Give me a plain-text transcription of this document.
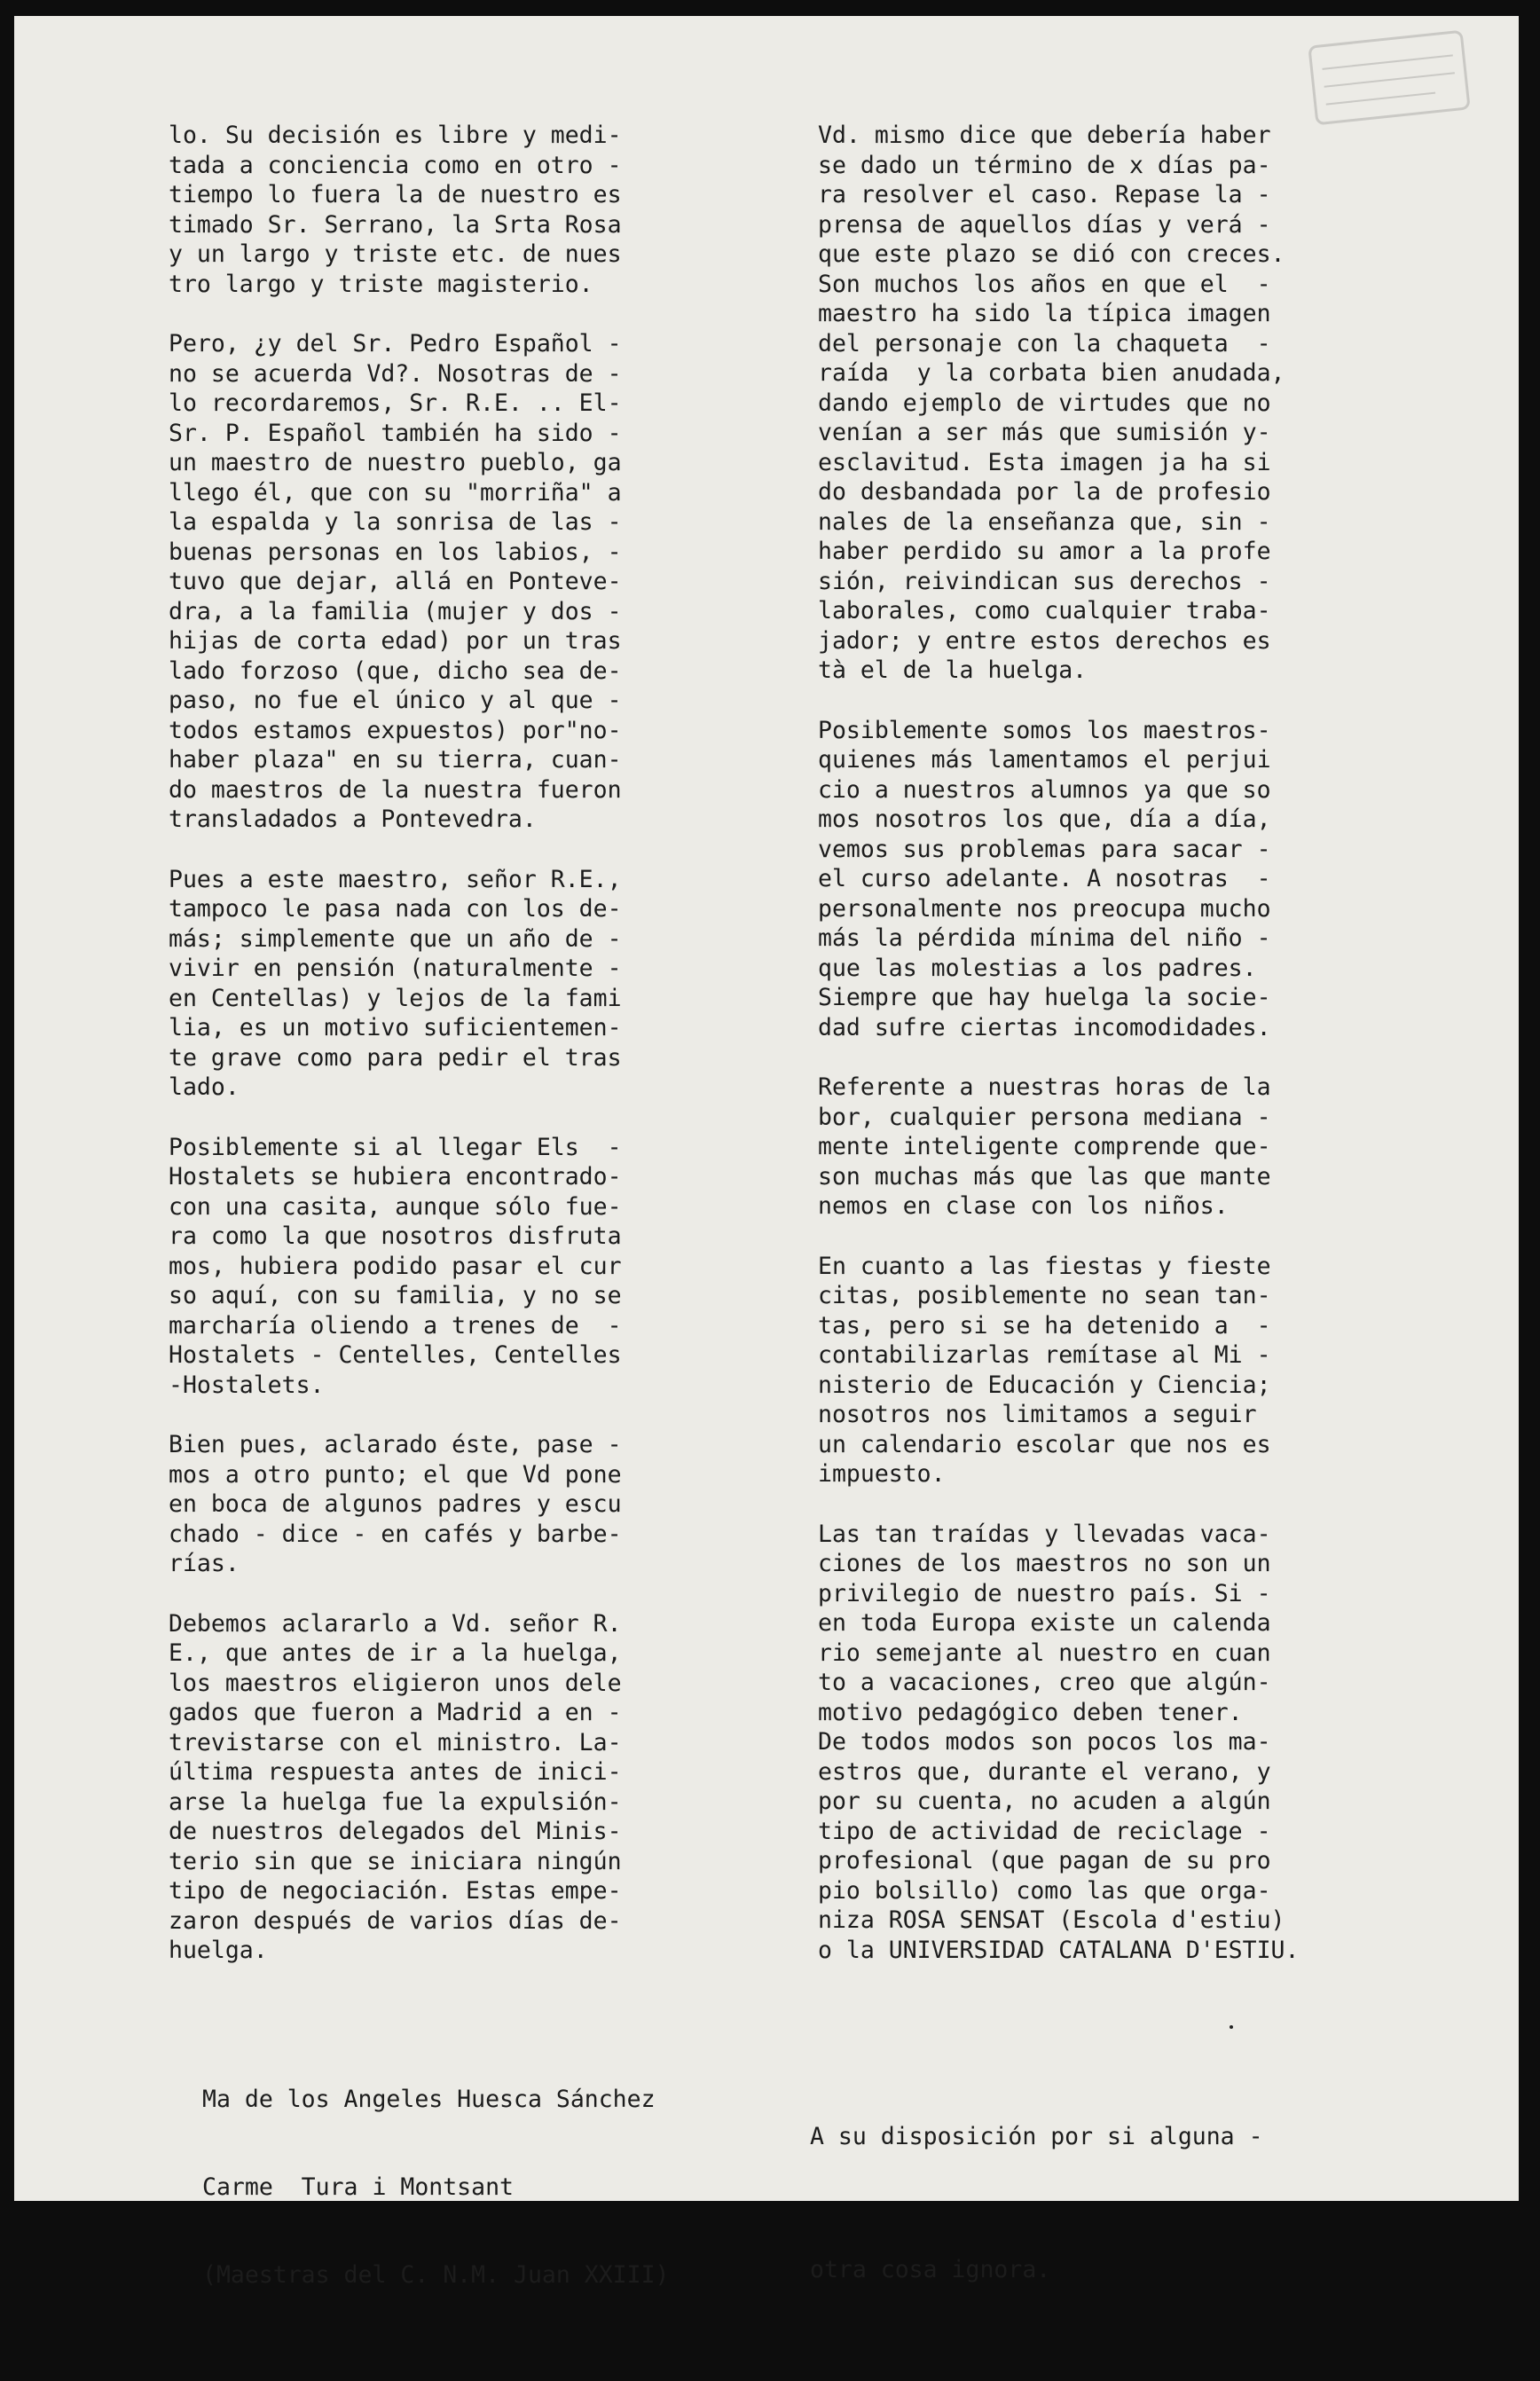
lo. Su decisión es libre y medi-
tada a conciencia como en otro -
tiempo lo fuera la de nuestro es
timado Sr. Serrano, la Srta Rosa
y un largo y triste etc. de nues
tro largo y triste magisterio.
Pero, ¿y del Sr. Pedro Español -
no se acuerda Vd?. Nosotras de -
lo recordaremos, Sr. R.E. .. El-
Sr. P. Español también ha sido -
un maestro de nuestro pueblo, ga
llego él, que con su "morriña" a
la espalda y la sonrisa de las -
buenas personas en los labios, -
tuvo que dejar, allá en Ponteve-
dra, a la familia (mujer y dos -
hijas de corta edad) por un tras
lado forzoso (que, dicho sea de-
paso, no fue el único y al que -
todos estamos expuestos) por"no-
haber plaza" en su tierra, cuan-
do maestros de la nuestra fueron
transladados a Pontevedra.
Pues a este maestro, señor R.E.,
tampoco le pasa nada con los de-
más; simplemente que un año de -
vivir en pensión (naturalmente -
en Centellas) y lejos de la fami
lia, es un motivo suficientemen-
te grave como para pedir el tras
lado.
Posiblemente si al llegar Els  -
Hostalets se hubiera encontrado-
con una casita, aunque sólo fue-
ra como la que nosotros disfruta
mos, hubiera podido pasar el cur
so aquí, con su familia, y no se
marcharía oliendo a trenes de  -
Hostalets - Centelles, Centelles
-Hostalets.
Bien pues, aclarado éste, pase -
mos a otro punto; el que Vd pone
en boca de algunos padres y escu
chado - dice - en cafés y barbe-
rías.
Debemos aclararlo a Vd. señor R.
E., que antes de ir a la huelga,
los maestros eligieron unos dele
gados que fueron a Madrid a en -
trevistarse con el ministro. La-
última respuesta antes de inici-
arse la huelga fue la expulsión-
de nuestros delegados del Minis-
terio sin que se iniciara ningún
tipo de negociación. Estas empe-
zaron después de varios días de-
huelga.
Vd. mismo dice que debería haber
se dado un término de x días pa-
ra resolver el caso. Repase la -
prensa de aquellos días y verá -
que este plazo se dió con creces.
Son muchos los años en que el  -
maestro ha sido la típica imagen
del personaje con la chaqueta  -
raída  y la corbata bien anudada,
dando ejemplo de virtudes que no
venían a ser más que sumisión y-
esclavitud. Esta imagen ja ha si
do desbandada por la de profesio
nales de la enseñanza que, sin -
haber perdido su amor a la profe
sión, reivindican sus derechos -
laborales, como cualquier traba-
jador; y entre estos derechos es
tà el de la huelga.
Posiblemente somos los maestros-
quienes más lamentamos el perjui
cio a nuestros alumnos ya que so
mos nosotros los que, día a día,
vemos sus problemas para sacar -
el curso adelante. A nosotras  -
personalmente nos preocupa mucho
más la pérdida mínima del niño -
que las molestias a los padres.
Siempre que hay huelga la socie-
dad sufre ciertas incomodidades.
Referente a nuestras horas de la
bor, cualquier persona mediana -
mente inteligente comprende que-
son muchas más que las que mante
nemos en clase con los niños.
En cuanto a las fiestas y fieste
citas, posiblemente no sean tan-
tas, pero si se ha detenido a  -
contabilizarlas remítase al Mi -
nisterio de Educación y Ciencia;
nosotros nos limitamos a seguir
un calendario escolar que nos es
impuesto.
Las tan traídas y llevadas vaca-
ciones de los maestros no son un
privilegio de nuestro país. Si -
en toda Europa existe un calenda
rio semejante al nuestro en cuan
to a vacaciones, creo que algún-
motivo pedagógico deben tener.
De todos modos son pocos los ma-
estros que, durante el verano, y
por su cuenta, no acuden a algún
tipo de actividad de reciclage -
profesional (que pagan de su pro
pio bolsillo) como las que orga-
niza ROSA SENSAT (Escola d'estiu)
o la UNIVERSIDAD CATALANA D'ESTIU.

Ma de los Angeles Huesca Sánchez

Carme  Tura i Montsant

(Maestras del C. N.M. Juan XXIII)

A su disposición por si alguna -

otra cosa ignora.
